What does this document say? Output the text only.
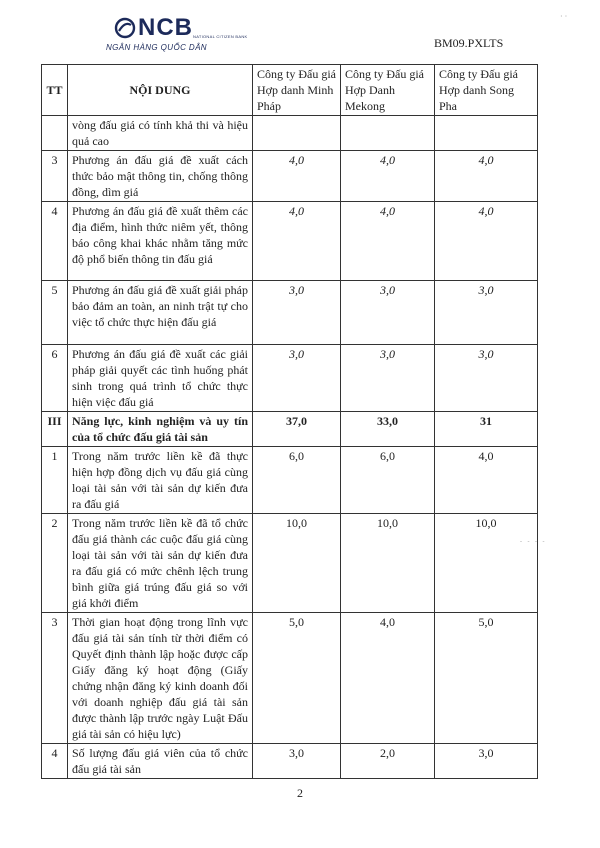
NCB NATIONAL CITIZEN BANK
NGÂN HÀNG QUỐC DÂN	BM09.PXLTS
· ·
- - - -
TT	NỘI DUNG	Công ty Đấu giá Hợp danh Minh Pháp	Công ty Đấu giá Hợp Danh Mekong	Công ty Đấu giá Hợp danh Song Pha
	vòng đấu giá có tính khả thi và hiệu quả cao			
3	Phương án đấu giá đề xuất cách thức bảo mật thông tin, chống thông đồng, dìm giá	4,0	4,0	4,0
4	Phương án đấu giá đề xuất thêm các địa điểm, hình thức niêm yết, thông báo công khai khác nhằm tăng mức độ phổ biến thông tin đấu giá	4,0	4,0	4,0
5	Phương án đấu giá đề xuất giải pháp bảo đảm an toàn, an ninh trật tự cho việc tổ chức thực hiện đấu giá	3,0	3,0	3,0
6	Phương án đấu giá đề xuất các giải pháp giải quyết các tình huống phát sinh trong quá trình tổ chức thực hiện việc đấu giá	3,0	3,0	3,0
III	Năng lực, kinh nghiệm và uy tín của tổ chức đấu giá tài sản	37,0	33,0	31
1	Trong năm trước liền kề đã thực hiện hợp đồng dịch vụ đấu giá cùng loại tài sản với tài sản dự kiến đưa ra đấu giá	6,0	6,0	4,0
2	Trong năm trước liền kề đã tổ chức đấu giá thành các cuộc đấu giá cùng loại tài sản với tài sản dự kiến đưa ra đấu giá có mức chênh lệch trung bình giữa giá trúng đấu giá so với giá khởi điểm	10,0	10,0	10,0
3	Thời gian hoạt động trong lĩnh vực đấu giá tài sản tính từ thời điểm có Quyết định thành lập hoặc được cấp Giấy đăng ký hoạt động (Giấy chứng nhận đăng ký kinh doanh đối với doanh nghiệp đấu giá tài sản được thành lập trước ngày Luật Đấu giá tài sản có hiệu lực)	5,0	4,0	5,0
4	Số lượng đấu giá viên của tổ chức đấu giá tài sản	3,0	2,0	3,0
2
